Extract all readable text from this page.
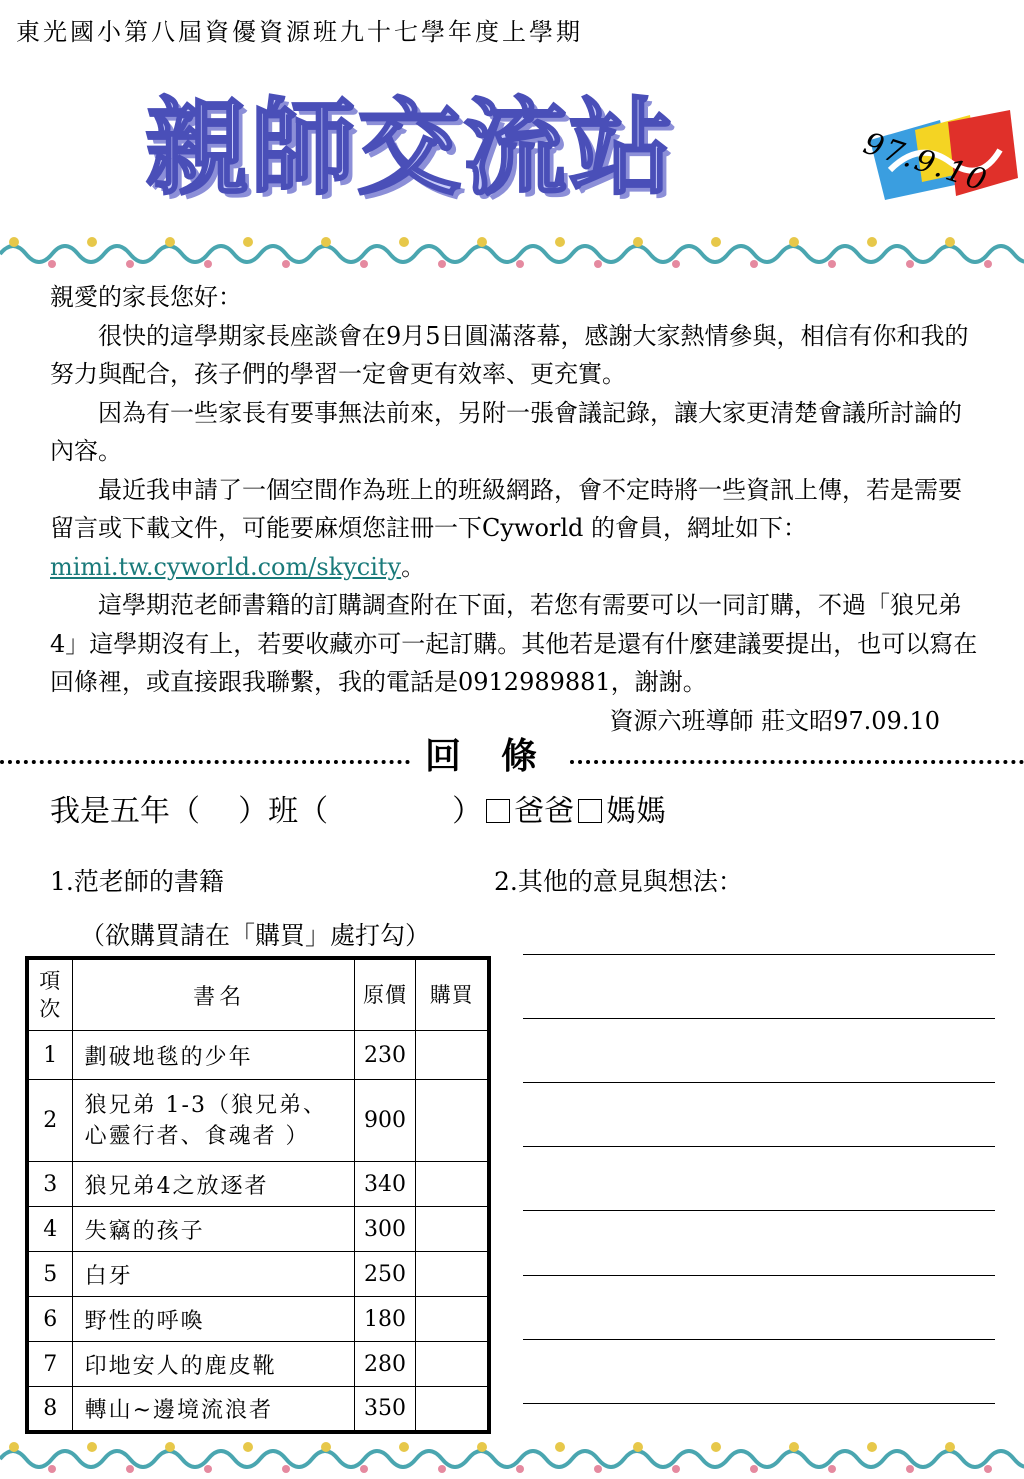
東光國小第八屆資優資源班九十七學年度上學期
親師交流站	97.9.10

親愛的家長您好：

很快的這學期家長座談會在9月5日圓滿落幕，感謝大家熱情參與，相信有你和我的努力與配合，孩子們的學習一定會更有效率、更充實。

因為有一些家長有要事無法前來，另附一張會議記錄，讓大家更清楚會議所討論的內容。

最近我申請了一個空間作為班上的班級網路，會不定時將一些資訊上傳，若是需要留言或下載文件，可能要麻煩您註冊一下Cyworld 的會員，網址如下：mimi.tw.cyworld.com/skycity。

這學期范老師書籍的訂購調查附在下面，若您有需要可以一同訂購，不過「狼兄弟4」這學期沒有上，若要收藏亦可一起訂購。其他若是還有什麼建議要提出，也可以寫在回條裡，或直接跟我聯繫，我的電話是0912989881，謝謝。

資源六班導師 莊文昭97.09.10

回條
我是五年（    ）班（             ） 爸爸 媽媽
1.范老師的書籍
（欲購買請在「購買」處打勾）
2.其他的意見與想法：
項次	書名	原價	購買
1	劃破地毯的少年	230	
2	狼兄弟 1-3（狼兄弟、心靈行者、食魂者 ）	900	
3	狼兄弟4之放逐者	340	
4	失竊的孩子	300	
5	白牙	250	
6	野性的呼喚	180	
7	印地安人的鹿皮靴	280	
8	轉山~邊境流浪者	350	
